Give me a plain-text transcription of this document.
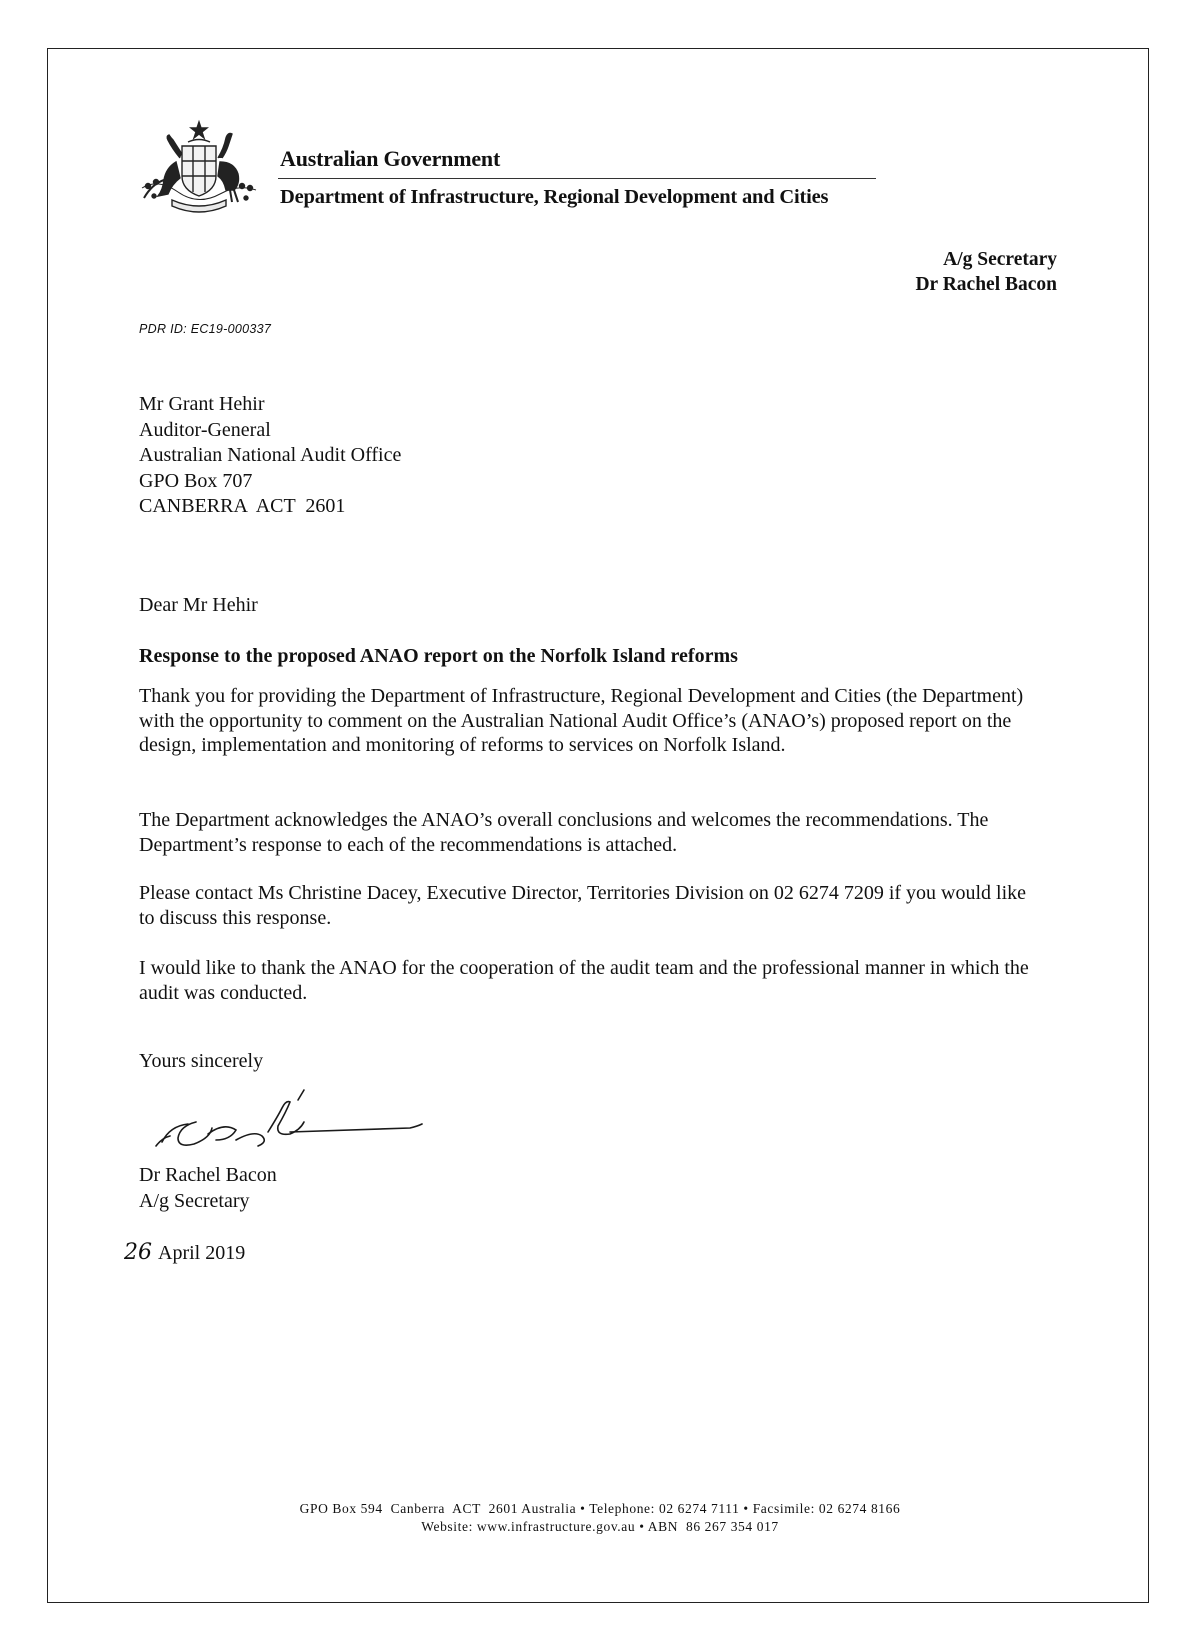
Australian Government
Department of Infrastructure, Regional Development and Cities
A/g Secretary
Dr Rachel Bacon
PDR ID: EC19-000337
Mr Grant Hehir
Auditor-General
Australian National Audit Office
GPO Box 707
CANBERRA  ACT  2601
Dear Mr Hehir
Response to the proposed ANAO report on the Norfolk Island reforms
Thank you for providing the Department of Infrastructure, Regional Development and Cities (the Department) with the opportunity to comment on the Australian National Audit Office’s (ANAO’s) proposed report on the design, implementation and monitoring of reforms to services on Norfolk Island.
The Department acknowledges the ANAO’s overall conclusions and welcomes the recommendations. The Department’s response to each of the recommendations is attached.
Please contact Ms Christine Dacey, Executive Director, Territories Division on 02 6274 7209 if you would like to discuss this response.
I would like to thank the ANAO for the cooperation of the audit team and the professional manner in which the audit was conducted.
Yours sincerely
Dr Rachel Bacon
A/g Secretary
26 April 2019
GPO Box 594  Canberra  ACT  2601 Australia • Telephone: 02 6274 7111 • Facsimile: 02 6274 8166
Website: www.infrastructure.gov.au • ABN  86 267 354 017
